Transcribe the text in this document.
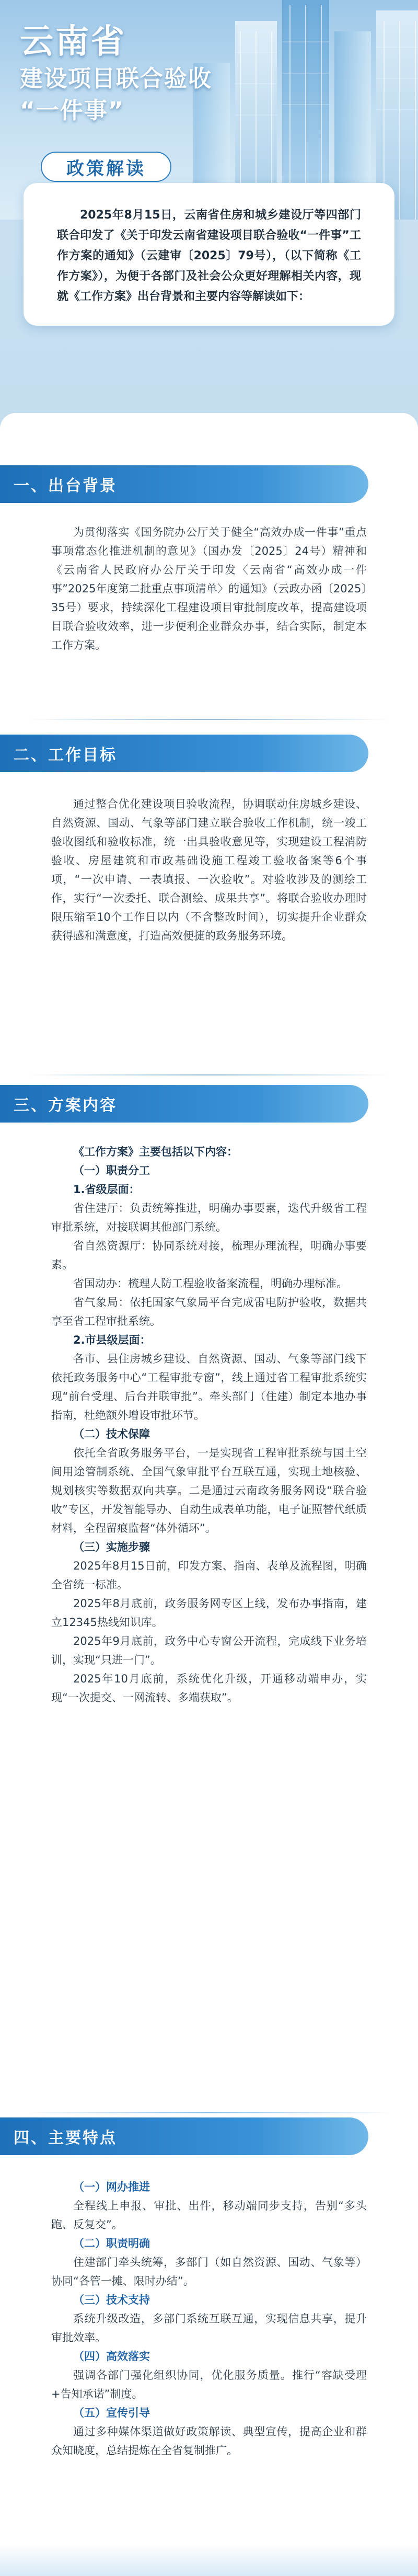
云南省
建设项目联合验收
“一件事”
政策解读

2025年8月15日，云南省住房和城乡建设厅等四部门联合印发了《关于印发云南省建设项目联合验收“一件事”工作方案的通知》（云建审〔2025〕79号），（以下简称《工作方案》），为便于各部门及社会公众更好理解相关内容，现就《工作方案》出台背景和主要内容等解读如下：

一、出台背景

为贯彻落实《国务院办公厅关于健全“高效办成一件事”重点事项常态化推进机制的意见》（国办发〔2025〕24号）精神和《云南省人民政府办公厅关于印发〈云南省“高效办成一件事”2025年度第二批重点事项清单〉的通知》（云政办函〔2025〕35号）要求，持续深化工程建设项目审批制度改革，提高建设项目联合验收效率，进一步便利企业群众办事，结合实际，制定本工作方案。

二、工作目标

通过整合优化建设项目验收流程，协调联动住房城乡建设、自然资源、国动、气象等部门建立联合验收工作机制，统一竣工验收图纸和验收标准，统一出具验收意见等，实现建设工程消防验收、房屋建筑和市政基础设施工程竣工验收备案等6个事项，“一次申请、一表填报、一次验收”。对验收涉及的测绘工作，实行“一次委托、联合测绘、成果共享”。将联合验收办理时限压缩至10个工作日以内（不含整改时间），切实提升企业群众获得感和满意度，打造高效便捷的政务服务环境。

三、方案内容

《工作方案》主要包括以下内容：

（一）职责分工

1.省级层面：

省住建厅：负责统筹推进，明确办事要素，迭代升级省工程审批系统，对接联调其他部门系统。

省自然资源厅：协同系统对接，梳理办理流程，明确办事要素。

省国动办：梳理人防工程验收备案流程，明确办理标准。

省气象局：依托国家气象局平台完成雷电防护验收，数据共享至省工程审批系统。

2.市县级层面：

各市、县住房城乡建设、自然资源、国动、气象等部门线下依托政务服务中心“工程审批专窗”，线上通过省工程审批系统实现“前台受理、后台并联审批”。牵头部门（住建）制定本地办事指南，杜绝额外增设审批环节。

（二）技术保障

依托全省政务服务平台，一是实现省工程审批系统与国土空间用途管制系统、全国气象审批平台互联互通，实现土地核验、规划核实等数据双向共享。二是通过云南政务服务网设“联合验收”专区，开发智能导办、自动生成表单功能，电子证照替代纸质材料，全程留痕监督“体外循环”。

（三）实施步骤

2025年8月15日前，印发方案、指南、表单及流程图，明确全省统一标准。

2025年8月底前，政务服务网专区上线，发布办事指南，建立12345热线知识库。

2025年9月底前，政务中心专窗公开流程，完成线下业务培训，实现“只进一门”。

2025年10月底前，系统优化升级，开通移动端申办，实现“一次提交、一网流转、多端获取”。

四、主要特点

（一）网办推进

全程线上申报、审批、出件，移动端同步支持，告别“多头跑、反复交”。

（二）职责明确

住建部门牵头统筹，多部门（如自然资源、国动、气象等）协同“各管一摊、限时办结”。

（三）技术支持

系统升级改造，多部门系统互联互通，实现信息共享，提升审批效率。

（四）高效落实

强调各部门强化组织协同，优化服务质量。推行“容缺受理+告知承诺”制度。

（五）宣传引导

通过多种媒体渠道做好政策解读、典型宣传，提高企业和群众知晓度，总结提炼在全省复制推广。
